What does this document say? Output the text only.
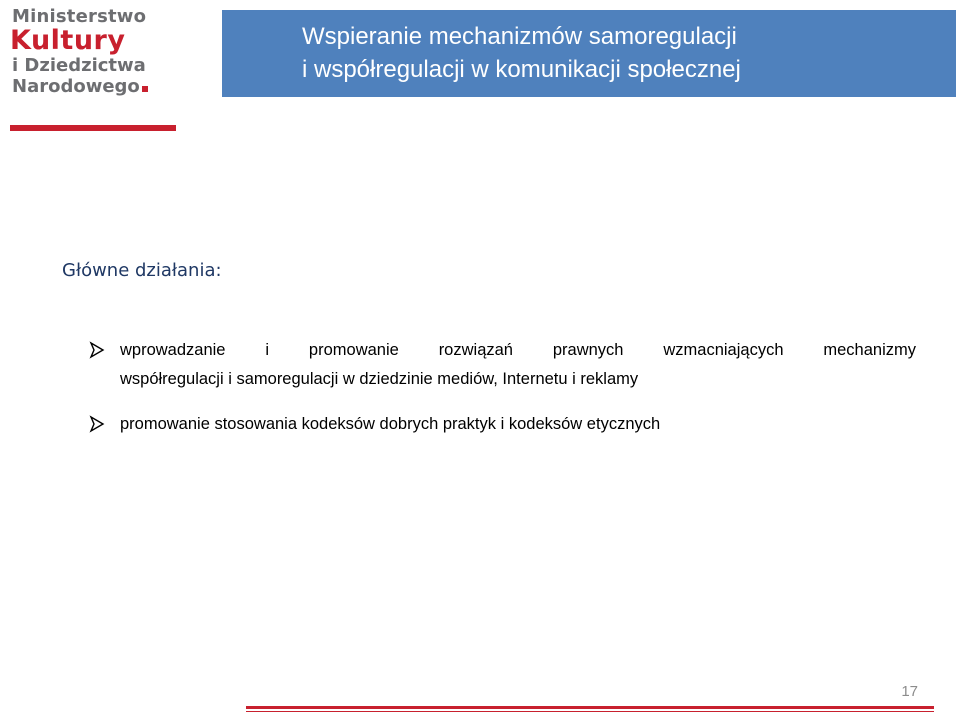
Ministerstwo
Kultury
i Dziedzictwa
Narodowego
Wspieranie mechanizmów samoregulacji
i współregulacji w komunikacji społecznej
Główne działania:
wprowadzanie i promowanie rozwiązań prawnych wzmacniających mechanizmy
współregulacji i samoregulacji w dziedzinie mediów, Internetu i reklamy
promowanie stosowania kodeksów dobrych praktyk i kodeksów etycznych
17
